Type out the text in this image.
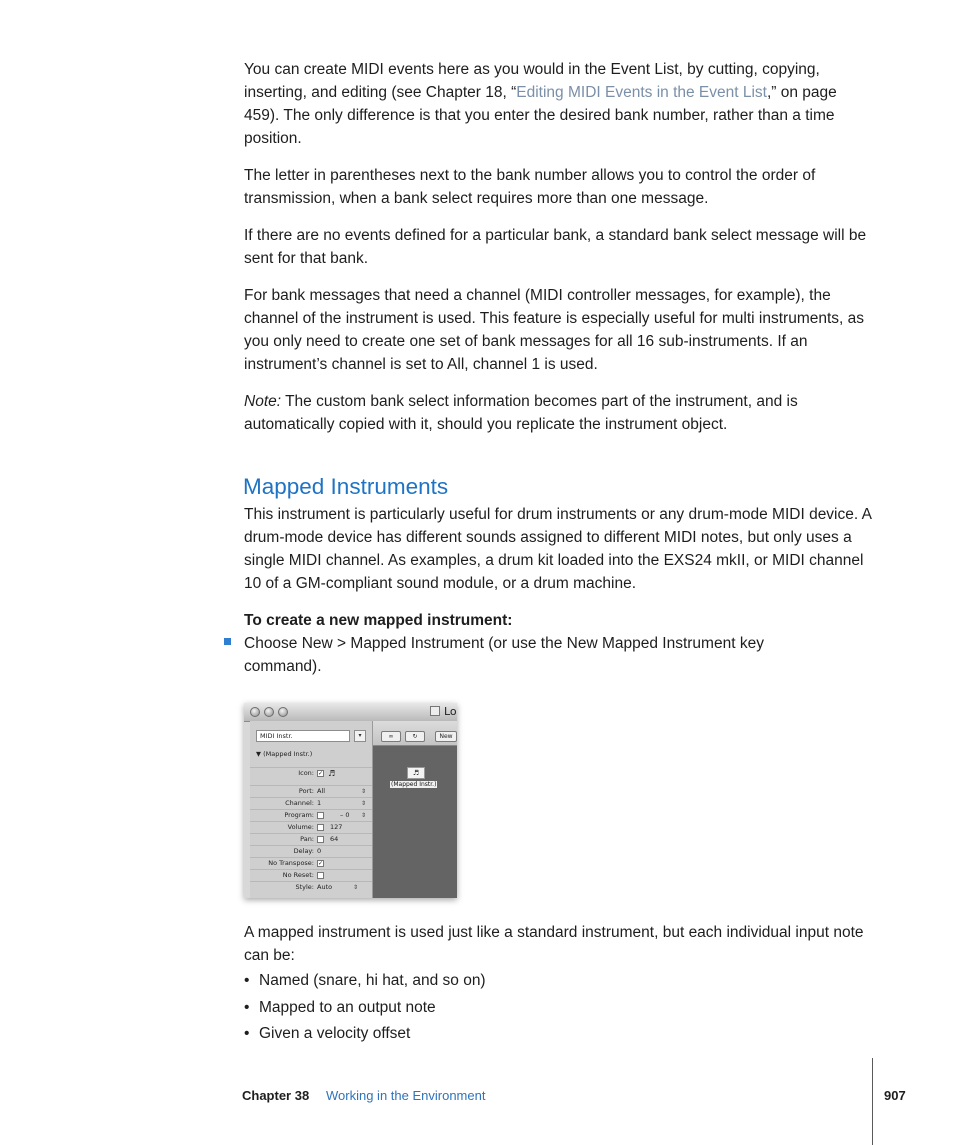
You can create MIDI events here as you would in the Event List, by cutting, copying, inserting, and editing (see Chapter 18, “Editing MIDI Events in the Event List,” on page 459). The only difference is that you enter the desired bank number, rather than a time position.

The letter in parentheses next to the bank number allows you to control the order of transmission, when a bank select requires more than one message.

If there are no events defined for a particular bank, a standard bank select message will be sent for that bank.

For bank messages that need a channel (MIDI controller messages, for example), the channel of the instrument is used. This feature is especially useful for multi instruments, as you only need to create one set of bank messages for all 16 sub-instruments. If an instrument’s channel is set to All, channel 1 is used.

Note: The custom bank select information becomes part of the instrument, and is automatically copied with it, should you replicate the instrument object.

Mapped Instruments

This instrument is particularly useful for drum instruments or any drum-mode MIDI device. A drum-mode device has different sounds assigned to different MIDI notes, but only uses a single MIDI channel. As examples, a drum kit loaded into the EXS24 mkII, or MIDI channel 10 of a GM-compliant sound module, or a drum machine.

To create a new mapped instrument:

Choose New > Mapped Instrument (or use the New Mapped Instrument key command).

Lo
MIDI Instr.	▾
▼ (Mapped Instr.)
Icon: ✓ ♬
Port: All	⇕
Channel: 1	⇕
Program:	– 0 ⇕
Volume: 127
Pan: 64
Delay: 0
No Transpose: ✓
No Reset:
Style: Auto	⇕
∞	↻	New
♬
(Mapped Instr.)

A mapped instrument is used just like a standard instrument, but each individual input note can be:

• Named (snare, hi hat, and so on)
• Mapped to an output note
• Given a velocity offset
Chapter 38 Working in the Environment	907
